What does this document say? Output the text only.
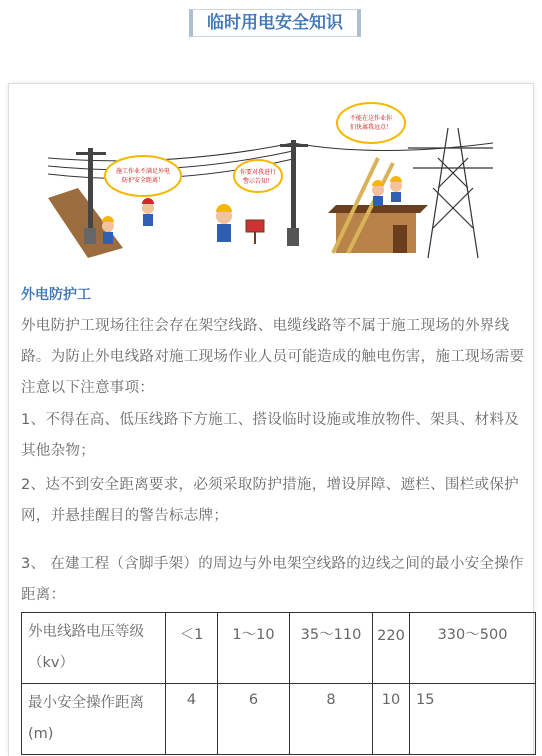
临时用电安全知识
施工作业不满足外电
防护安全距离！
你要对我进行
警示告知！
不能在这作业你
们快离我远点！
外电防护工
外电防护工现场往往会存在架空线路、电缆线路等不属于施工现场的外界线路。为防止外电线路对施工现场作业人员可能造成的触电伤害，施工现场需要注意以下注意事项：
1、不得在高、低压线路下方施工、搭设临时设施或堆放物件、架具、材料及其他杂物；
2、达不到安全距离要求，必须采取防护措施，增设屏障、遮栏、围栏或保护网，并悬挂醒目的警告标志牌；
3、 在建工程（含脚手架）的周边与外电架空线路的边线之间的最小安全操作距离：
外电线路电压等级（kv）	＜1	1～10	35～110	220	330～500
最小安全操作距离(m)	4	6	8	10	15
